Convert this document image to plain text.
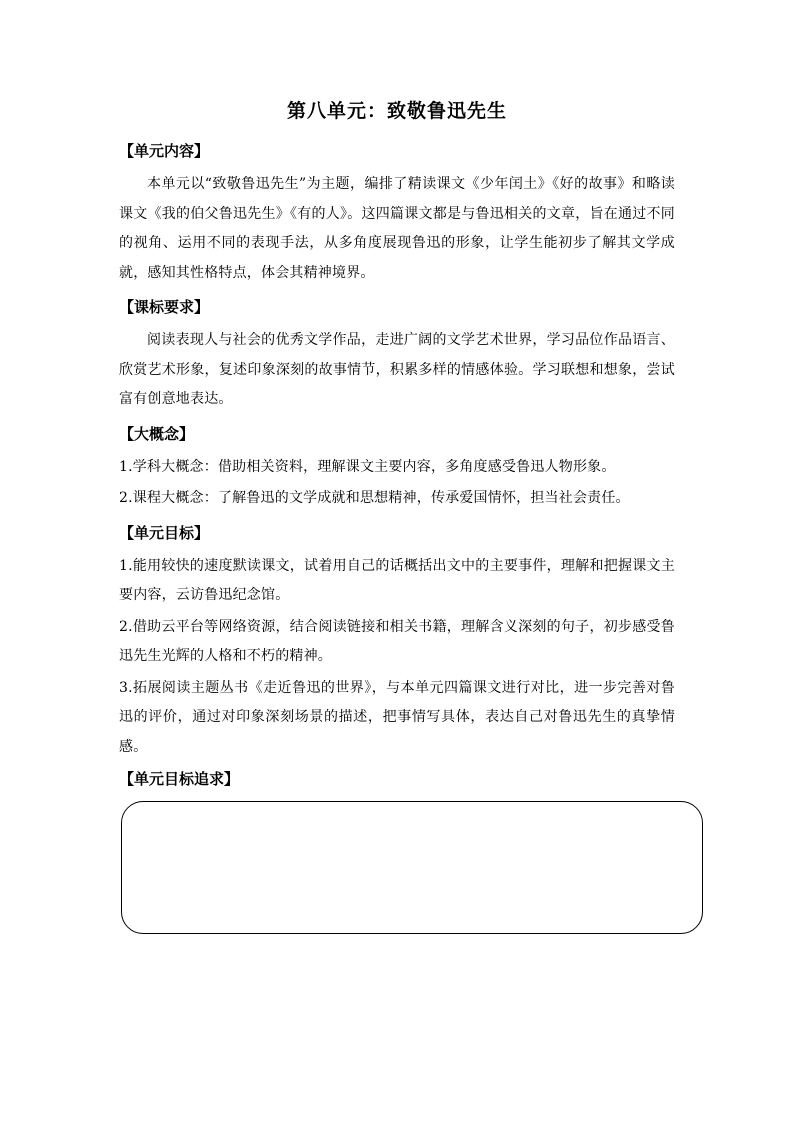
第八单元：致敬鲁迅先生
【单元内容】
本单元以“致敬鲁迅先生”为主题，编排了精读课文《少年闰土》《好的故事》和略读课文《我的伯父鲁迅先生》《有的人》。这四篇课文都是与鲁迅相关的文章，旨在通过不同的视角、运用不同的表现手法，从多角度展现鲁迅的形象，让学生能初步了解其文学成就，感知其性格特点，体会其精神境界。
【课标要求】
阅读表现人与社会的优秀文学作品，走进广阔的文学艺术世界，学习品位作品语言、欣赏艺术形象，复述印象深刻的故事情节，积累多样的情感体验。学习联想和想象，尝试富有创意地表达。
【大概念】
1.学科大概念：借助相关资料，理解课文主要内容，多角度感受鲁迅人物形象。
2.课程大概念：了解鲁迅的文学成就和思想精神，传承爱国情怀，担当社会责任。
【单元目标】
1.能用较快的速度默读课文，试着用自己的话概括出文中的主要事件，理解和把握课文主要内容，云访鲁迅纪念馆。
2.借助云平台等网络资源，结合阅读链接和相关书籍，理解含义深刻的句子，初步感受鲁迅先生光辉的人格和不朽的精神。
3.拓展阅读主题丛书《走近鲁迅的世界》，与本单元四篇课文进行对比，进一步完善对鲁迅的评价，通过对印象深刻场景的描述，把事情写具体，表达自己对鲁迅先生的真挚情感。
【单元目标追求】
